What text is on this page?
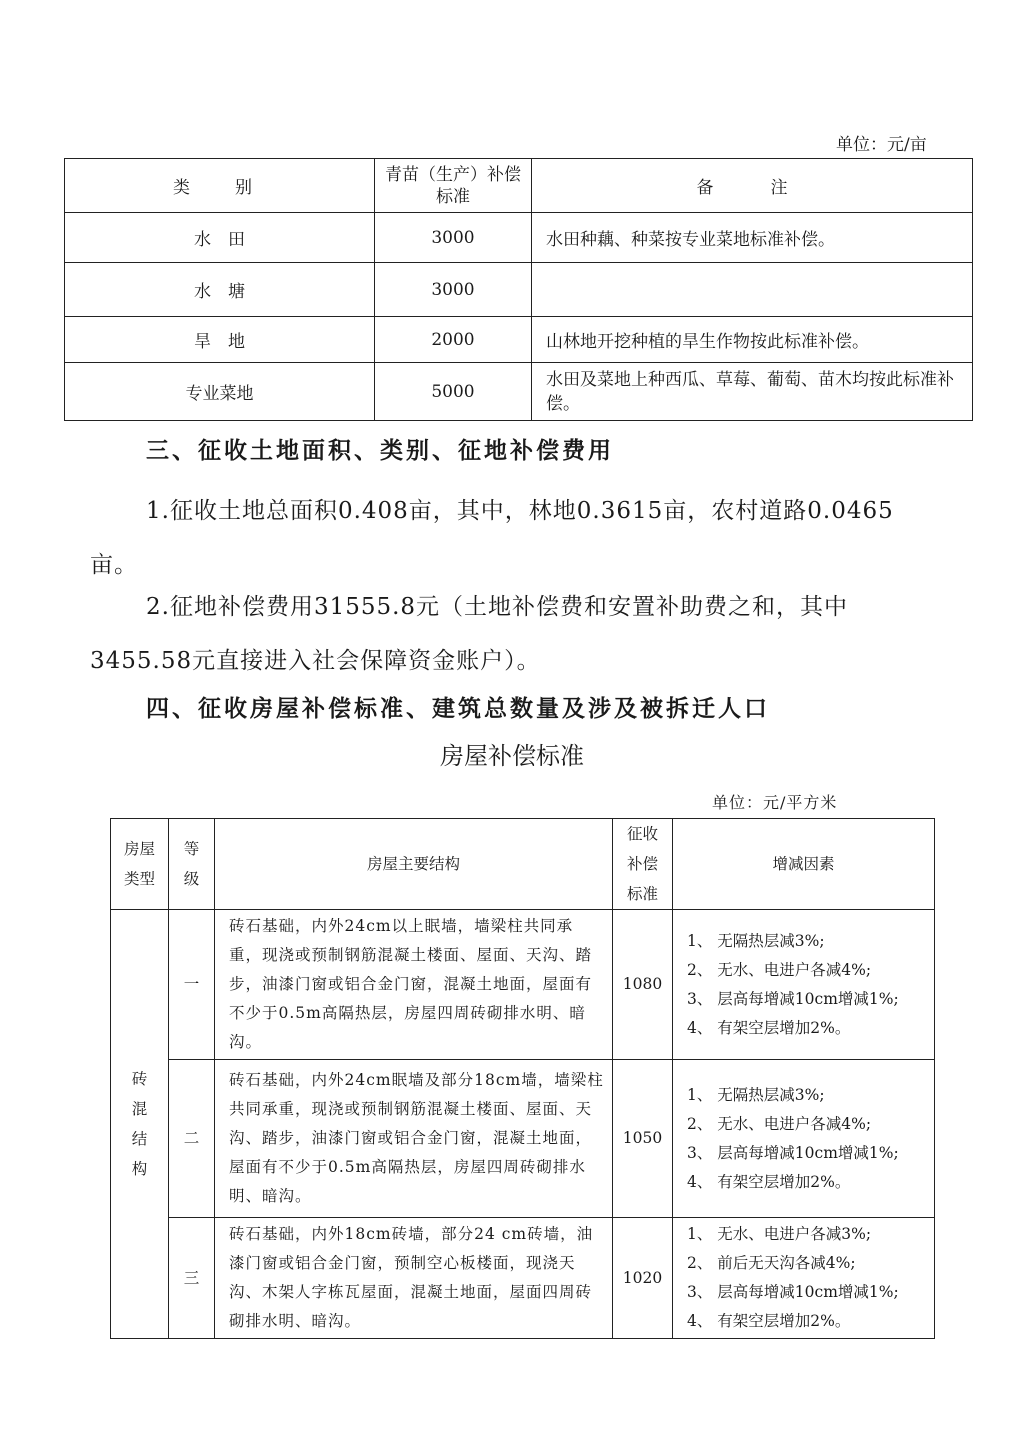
单位：元/亩
类　别	青苗（生产）补偿标准	备　注
水　田	3000	水田种藕、种菜按专业菜地标准补偿。
水　塘	3000	
旱　地	2000	山林地开挖种植的旱生作物按此标准补偿。
专业菜地	5000	水田及菜地上种西瓜、草莓、葡萄、苗木均按此标准补偿。
三、征收土地面积、类别、征地补偿费用
1.征收土地总面积0.408亩，其中，林地0.3615亩，农村道路0.0465亩。
2.征地补偿费用31555.8元（土地补偿费和安置补助费之和，其中3455.58元直接进入社会保障资金账户）。
四、征收房屋补偿标准、建筑总数量及涉及被拆迁人口
房屋补偿标准
单位：元/平方米
房屋类型	等级	房屋主要结构	征收补偿标准	增减因素
砖混结构	一	砖石基础，内外24cm以上眠墙，墙梁柱共同承重，现浇或预制钢筋混凝土楼面、屋面、天沟、踏步，油漆门窗或铝合金门窗，混凝土地面，屋面有不少于0.5m高隔热层，房屋四周砖砌排水明、暗沟。	1080	1、 无隔热层减3%;
2、 无水、电进户各减4%;
3、 层高每增减10cm增减1%;
4、 有架空层增加2%。

	二	砖石基础，内外24cm眠墙及部分18cm墙，墙梁柱共同承重，现浇或预制钢筋混凝土楼面、屋面、天沟、踏步，油漆门窗或铝合金门窗，混凝土地面，屋面有不少于0.5m高隔热层，房屋四周砖砌排水明、暗沟。	1050	1、 无隔热层减3%;
2、 无水、电进户各减4%;
3、 层高每增减10cm增减1%;
4、 有架空层增加2%。

	三	砖石基础，内外18cm砖墙，部分24 cm砖墙，油漆门窗或铝合金门窗，预制空心板楼面，现浇天沟、木架人字栋瓦屋面，混凝土地面，屋面四周砖砌排水明、暗沟。	1020	1、 无水、电进户各减3%;
2、 前后无天沟各减4%;
3、 层高每增减10cm增减1%;
4、 有架空层增加2%。
